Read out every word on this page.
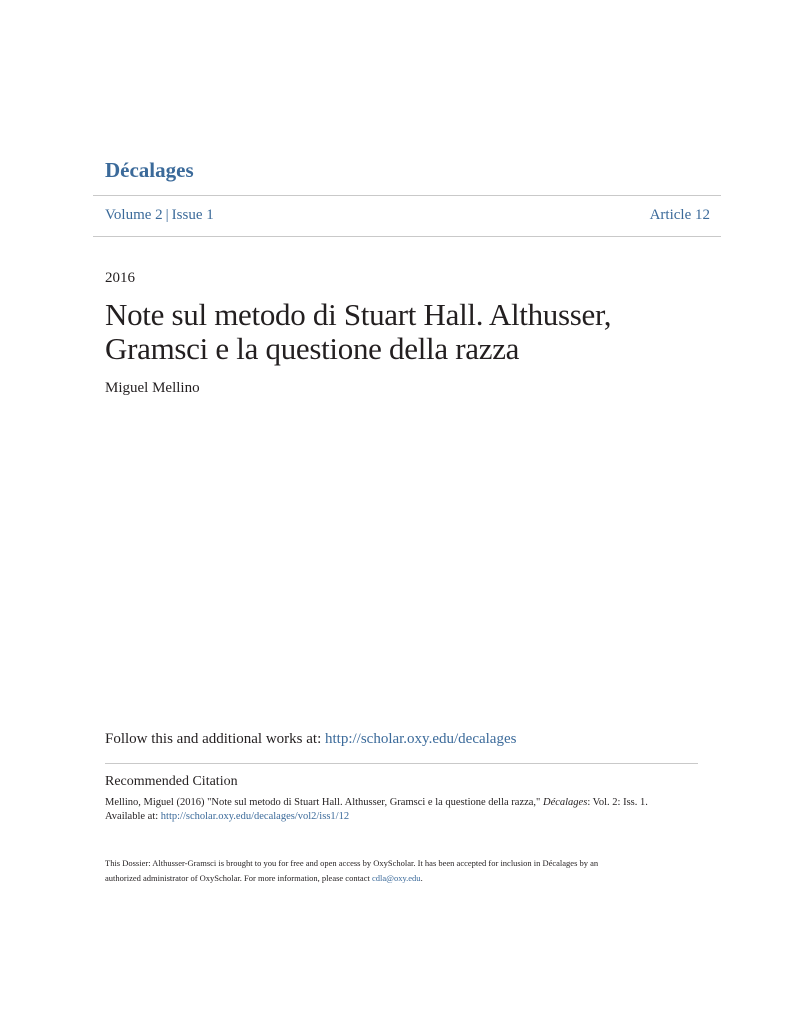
Décalages
Volume 2 | Issue 1	Article 12
2016
Note sul metodo di Stuart Hall. Althusser, Gramsci e la questione della razza
Miguel Mellino
Follow this and additional works at: http://scholar.oxy.edu/decalages
Recommended Citation
Mellino, Miguel (2016) "Note sul metodo di Stuart Hall. Althusser, Gramsci e la questione della razza," Décalages: Vol. 2: Iss. 1.
Available at: http://scholar.oxy.edu/decalages/vol2/iss1/12
This Dossier: Althusser-Gramsci is brought to you for free and open access by OxyScholar. It has been accepted for inclusion in Décalages by an
authorized administrator of OxyScholar. For more information, please contact cdla@oxy.edu.
